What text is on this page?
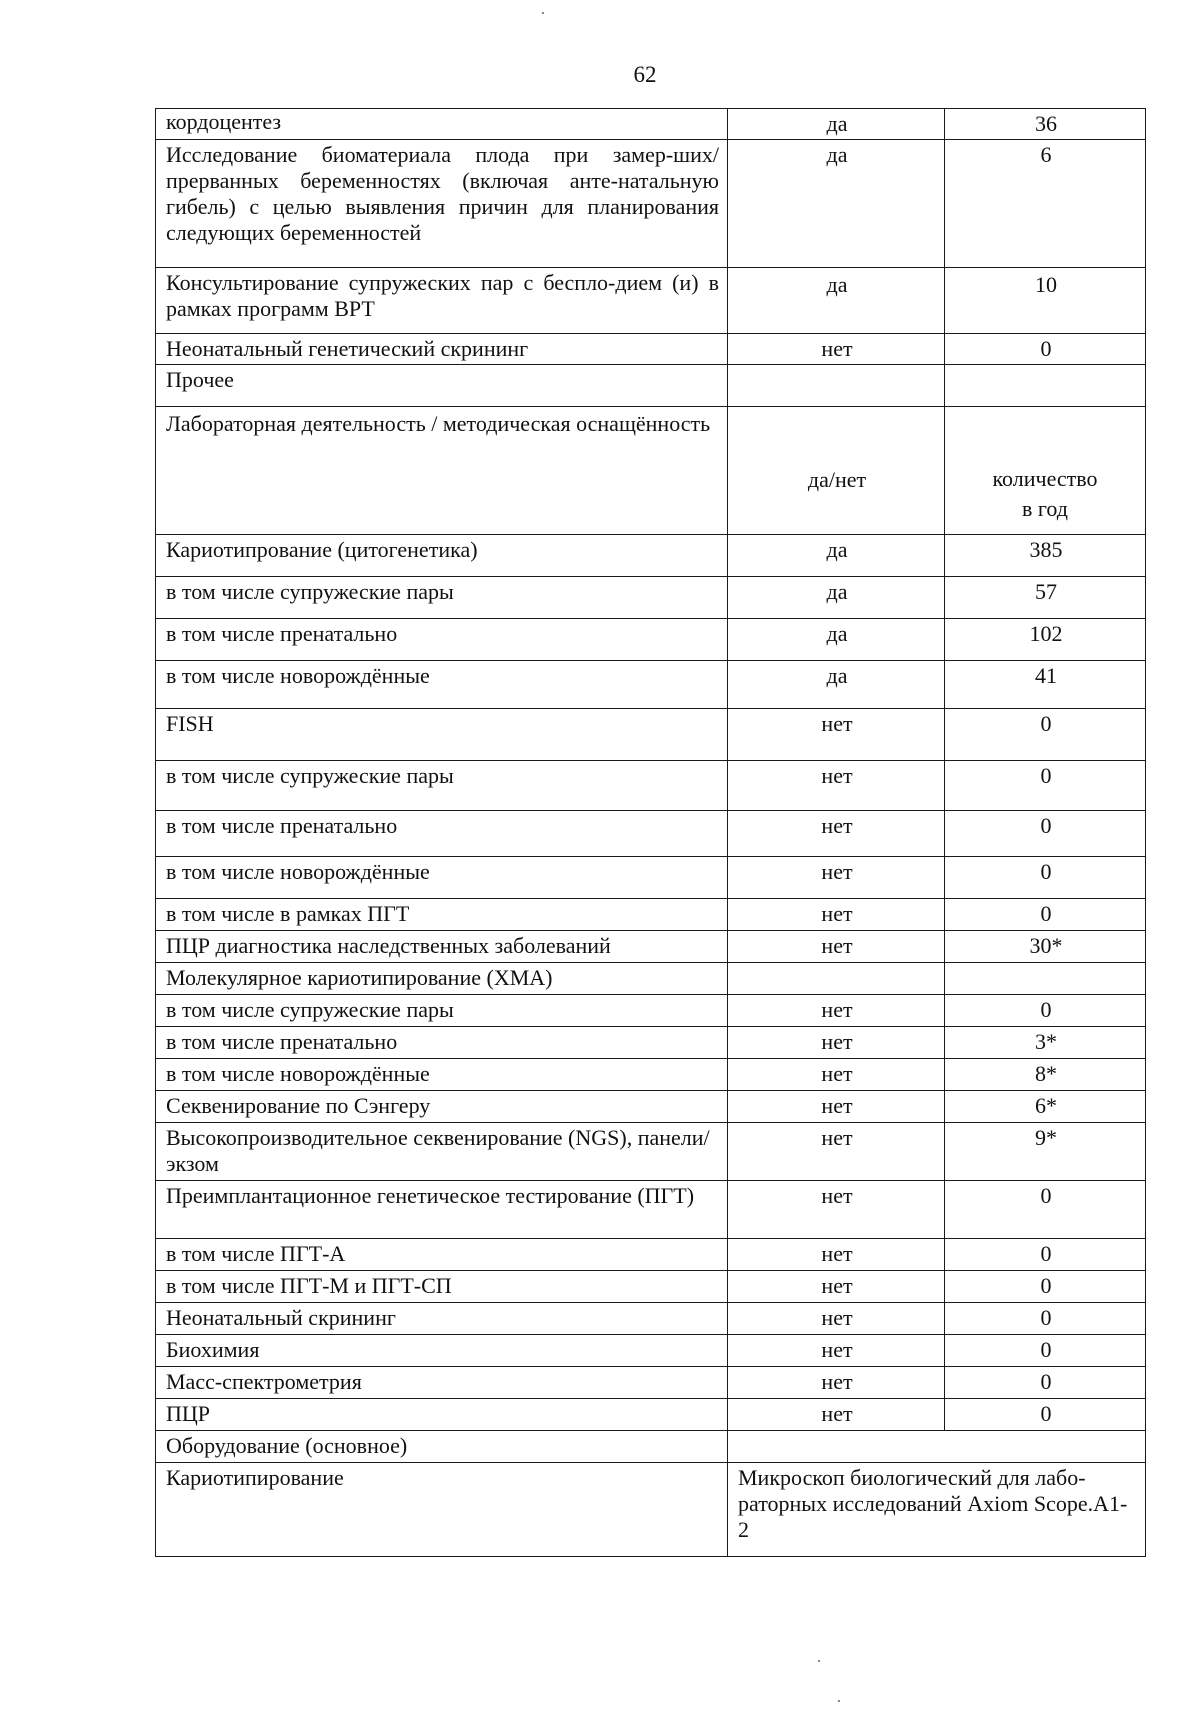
62
кордоцентез	да	36
Исследование биоматериала плода при замер-шиx/прерванных беременностях (включая анте-натальную гибель) с целью выявления причин для планирования следующих беременностей	да	6
Консультирование супружеских пар с беспло-дием (и) в рамках программ ВРТ	да	10
Неонатальный генетический скрининг	нет	0
Прочее		
Лабораторная деятельность / методическая оснащённость	да/нет	количество в год
Кариотипрование (цитогенетика)	да	385
в том числе супружеские пары	да	57
в том числе пренатально	да	102
в том числе новорождённые	да	41
FISH	нет	0
в том числе супружеские пары	нет	0
в том числе пренатально	нет	0
в том числе новорождённые	нет	0
в том числе в рамках ПГТ	нет	0
ПЦР диагностика наследственных заболеваний	нет	30*
Молекулярное кариотипирование (ХМА)		
в том числе супружеские пары	нет	0
в том числе пренатально	нет	3*
в том числе новорождённые	нет	8*
Секвенирование по Сэнгеру	нет	6*
Высокопроизводительное секвенирование (NGS), панели/экзом	нет	9*
Преимплантационное генетическое тестирование (ПГТ)	нет	0
в том числе ПГТ-А	нет	0
в том числе ПГТ-М и ПГТ-СП	нет	0
Неонатальный скрининг	нет	0
Биохимия	нет	0
Масс-спектрометрия	нет	0
ПЦР	нет	0
Оборудование (основное)		
Кариотипирование	Микроскоп биологический для лабо-раторных исследований Axiom Scope.A1-2	
